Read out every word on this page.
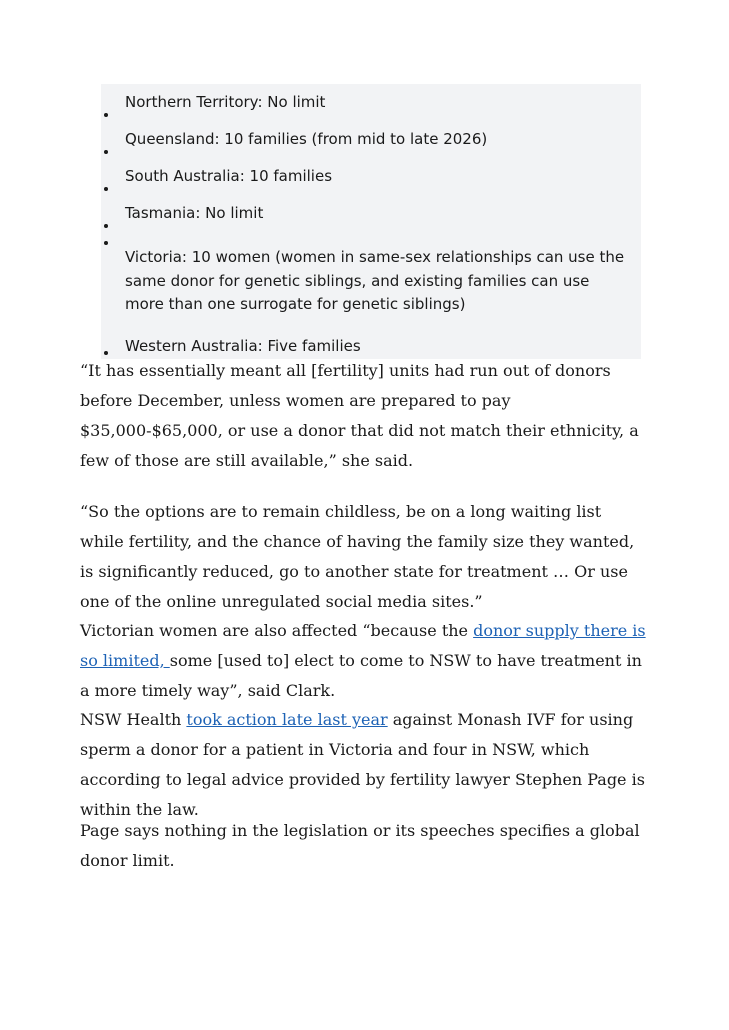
Northern Territory: No limit
Queensland: 10 families (from mid to late 2026)
South Australia: 10 families
Tasmania: No limit
Victoria: 10 women (women in same-sex relationships can use the same donor for genetic siblings, and existing families can use more than one surrogate for genetic siblings)
Western Australia: Five families

“It has essentially meant all [fertility] units had run out of donors before December, unless women are prepared to pay $35,000-$65,000, or use a donor that did not match their ethnicity, a few of those are still available,” she said.

“So the options are to remain childless, be on a long waiting list while fertility, and the chance of having the family size they wanted, is significantly reduced, go to another state for treatment … Or use one of the online unregulated social media sites.”

Victorian women are also affected “because the donor supply there is so limited, some [used to] elect to come to NSW to have treatment in a more timely way”, said Clark.

NSW Health took action late last year against Monash IVF for using sperm a donor for a patient in Victoria and four in NSW, which according to legal advice provided by fertility lawyer Stephen Page is within the law.

Page says nothing in the legislation or its speeches specifies a global donor limit.
